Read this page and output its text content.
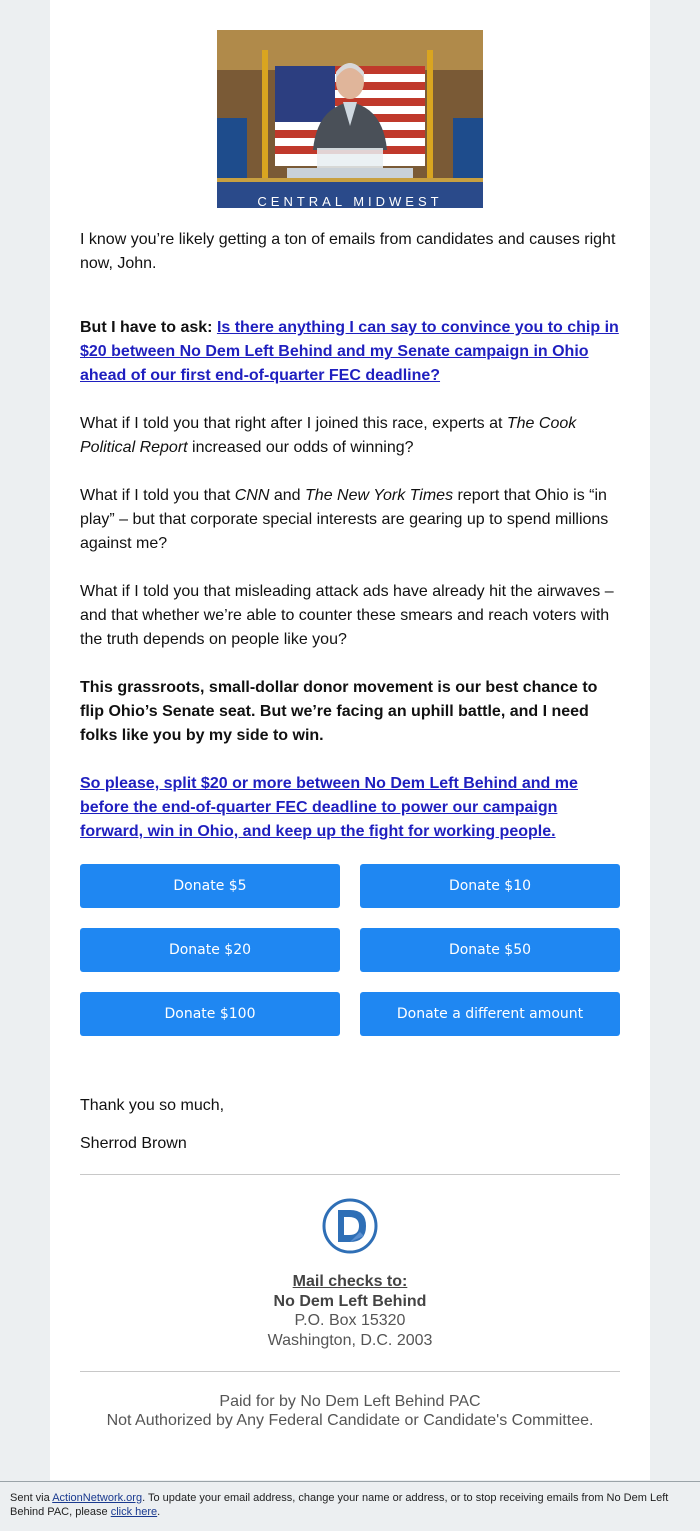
CENTRAL MIDWEST

I know you’re likely getting a ton of emails from candidates and causes right now, John.

But I have to ask: Is there anything I can say to convince you to chip in $20 between No Dem Left Behind and my Senate campaign in Ohio ahead of our first end-of-quarter FEC deadline?

What if I told you that right after I joined this race, experts at The Cook Political Report increased our odds of winning?

What if I told you that CNN and The New York Times report that Ohio is “in play” – but that corporate special interests are gearing up to spend millions against me?

What if I told you that misleading attack ads have already hit the airwaves – and that whether we’re able to counter these smears and reach voters with the truth depends on people like you?

This grassroots, small-dollar donor movement is our best chance to flip Ohio’s Senate seat. But we’re facing an uphill battle, and I need folks like you by my side to win.

So please, split $20 or more between No Dem Left Behind and me before the end-of-quarter FEC deadline to power our campaign forward, win in Ohio, and keep up the fight for working people.

Donate $5	Donate $10
Donate $20	Donate $50
Donate $100	Donate a different amount
Thank you so much,
Sherrod Brown
Mail checks to:
No Dem Left Behind
P.O. Box 15320
Washington, D.C. 2003
Paid for by No Dem Left Behind PAC
Not Authorized by Any Federal Candidate or Candidate's Committee.
Sent via ActionNetwork.org. To update your email address, change your name or address, or to stop receiving emails from No Dem Left Behind PAC, please click here.
